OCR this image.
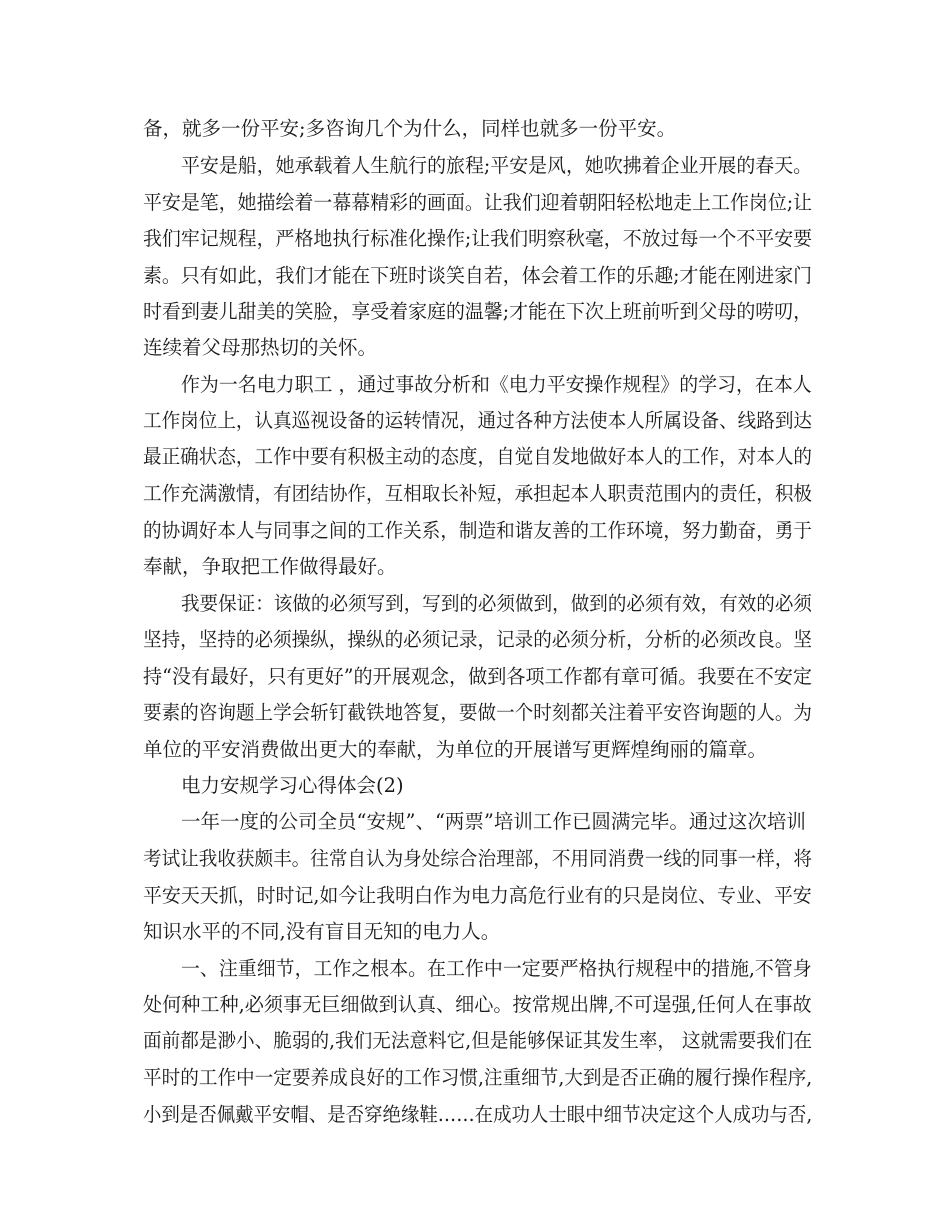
备，就多一份平安;多咨询几个为什么，同样也就多一份平安。

平安是船，她承载着人生航行的旅程;平安是风，她吹拂着企业开展的春天。

平安是笔，她描绘着一幕幕精彩的画面。让我们迎着朝阳轻松地走上工作岗位;让

我们牢记规程，严格地执行标准化操作;让我们明察秋毫，不放过每一个不平安要

素。只有如此，我们才能在下班时谈笑自若，体会着工作的乐趣;才能在刚进家门

时看到妻儿甜美的笑脸，享受着家庭的温馨;才能在下次上班前听到父母的唠叨，

连续着父母那热切的关怀。

作为一名电力职工 ，通过事故分析和《电力平安操作规程》的学习，在本人

工作岗位上，认真巡视设备的运转情况，通过各种方法使本人所属设备、线路到达

最正确状态，工作中要有积极主动的态度，自觉自发地做好本人的工作，对本人的

工作充满激情，有团结协作，互相取长补短，承担起本人职责范围内的责任，积极

的协调好本人与同事之间的工作关系，制造和谐友善的工作环境，努力勤奋，勇于

奉献，争取把工作做得最好。

我要保证：该做的必须写到，写到的必须做到，做到的必须有效，有效的必须

坚持，坚持的必须操纵，操纵的必须记录，记录的必须分析，分析的必须改良。坚

持“没有最好，只有更好”的开展观念，做到各项工作都有章可循。我要在不安定

要素的咨询题上学会斩钉截铁地答复，要做一个时刻都关注着平安咨询题的人。为

单位的平安消费做出更大的奉献，为单位的开展谱写更辉煌绚丽的篇章。

电力安规学习心得体会(2)

一年一度的公司全员“安规”、“两票”培训工作已圆满完毕。通过这次培训

考试让我收获颇丰。往常自认为身处综合治理部，不用同消费一线的同事一样，将

平安天天抓，时时记,如今让我明白作为电力高危行业有的只是岗位、专业、平安

知识水平的不同,没有盲目无知的电力人。

一、注重细节，工作之根本。在工作中一定要严格执行规程中的措施,不管身

处何种工种,必须事无巨细做到认真、细心。按常规出牌,不可逞强,任何人在事故

面前都是渺小、脆弱的,我们无法意料它,但是能够保证其发生率， 这就需要我们在

平时的工作中一定要养成良好的工作习惯,注重细节,大到是否正确的履行操作程序,

小到是否佩戴平安帽、是否穿绝缘鞋……在成功人士眼中细节决定这个人成功与否,
